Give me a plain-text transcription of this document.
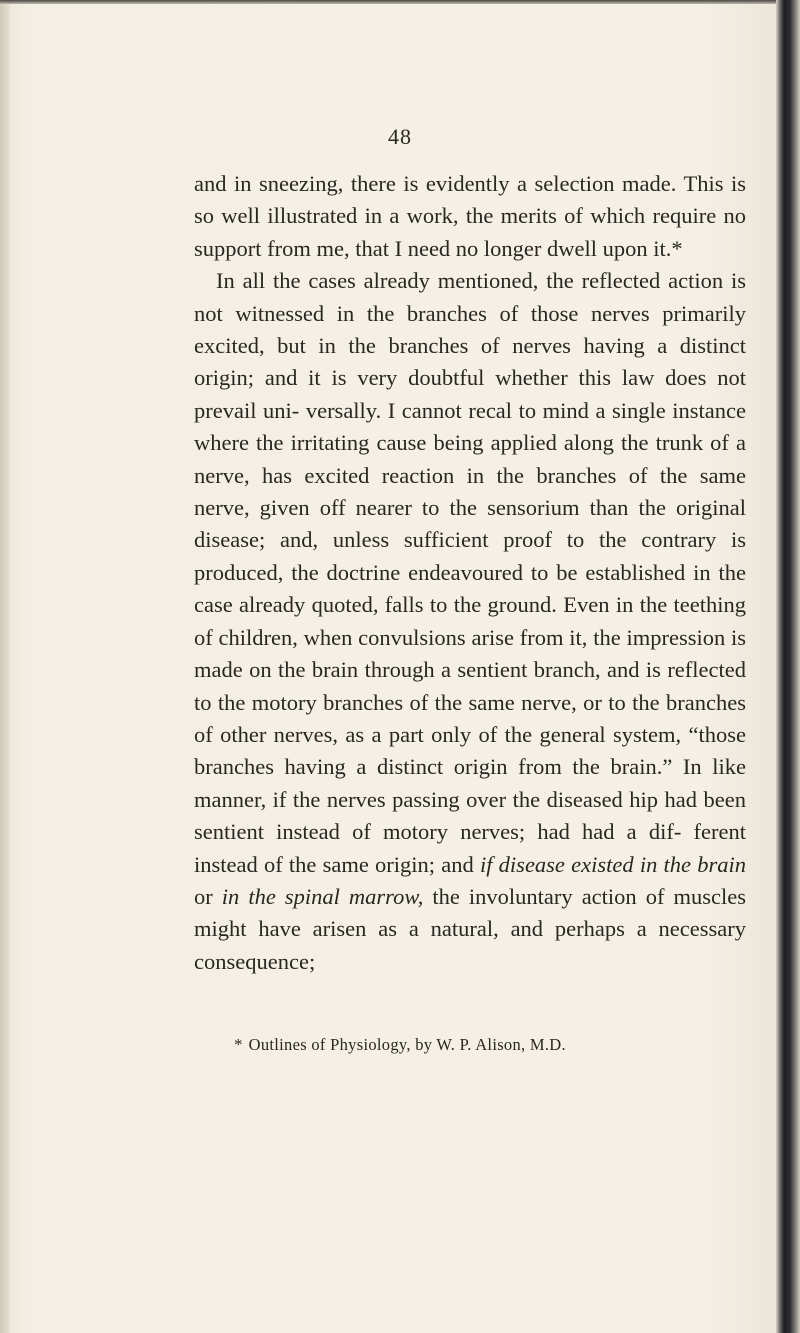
48

and in sneezing, there is evidently a selection made. This is so well illustrated in a work, the merits of which require no support from me, that I need no longer dwell upon it.*

In all the cases already mentioned, the reflected action is not witnessed in the branches of those nerves primarily excited, but in the branches of nerves having a distinct origin; and it is very doubtful whether this law does not prevail uni- versally. I cannot recal to mind a single instance where the irritating cause being applied along the trunk of a nerve, has excited reaction in the branches of the same nerve, given off nearer to the sensorium than the original disease; and, unless sufficient proof to the contrary is produced, the doctrine endeavoured to be established in the case already quoted, falls to the ground. Even in the teething of children, when convulsions arise from it, the impression is made on the brain through a sentient branch, and is reflected to the motory branches of the same nerve, or to the branches of other nerves, as a part only of the general system, “those branches having a distinct origin from the brain.” In like manner, if the nerves passing over the diseased hip had been sentient instead of motory nerves; had had a dif- ferent instead of the same origin; and if disease existed in the brain or in the spinal marrow, the involuntary action of muscles might have arisen as a natural, and perhaps a necessary consequence;

* Outlines of Physiology, by W. P. Alison, M.D.
